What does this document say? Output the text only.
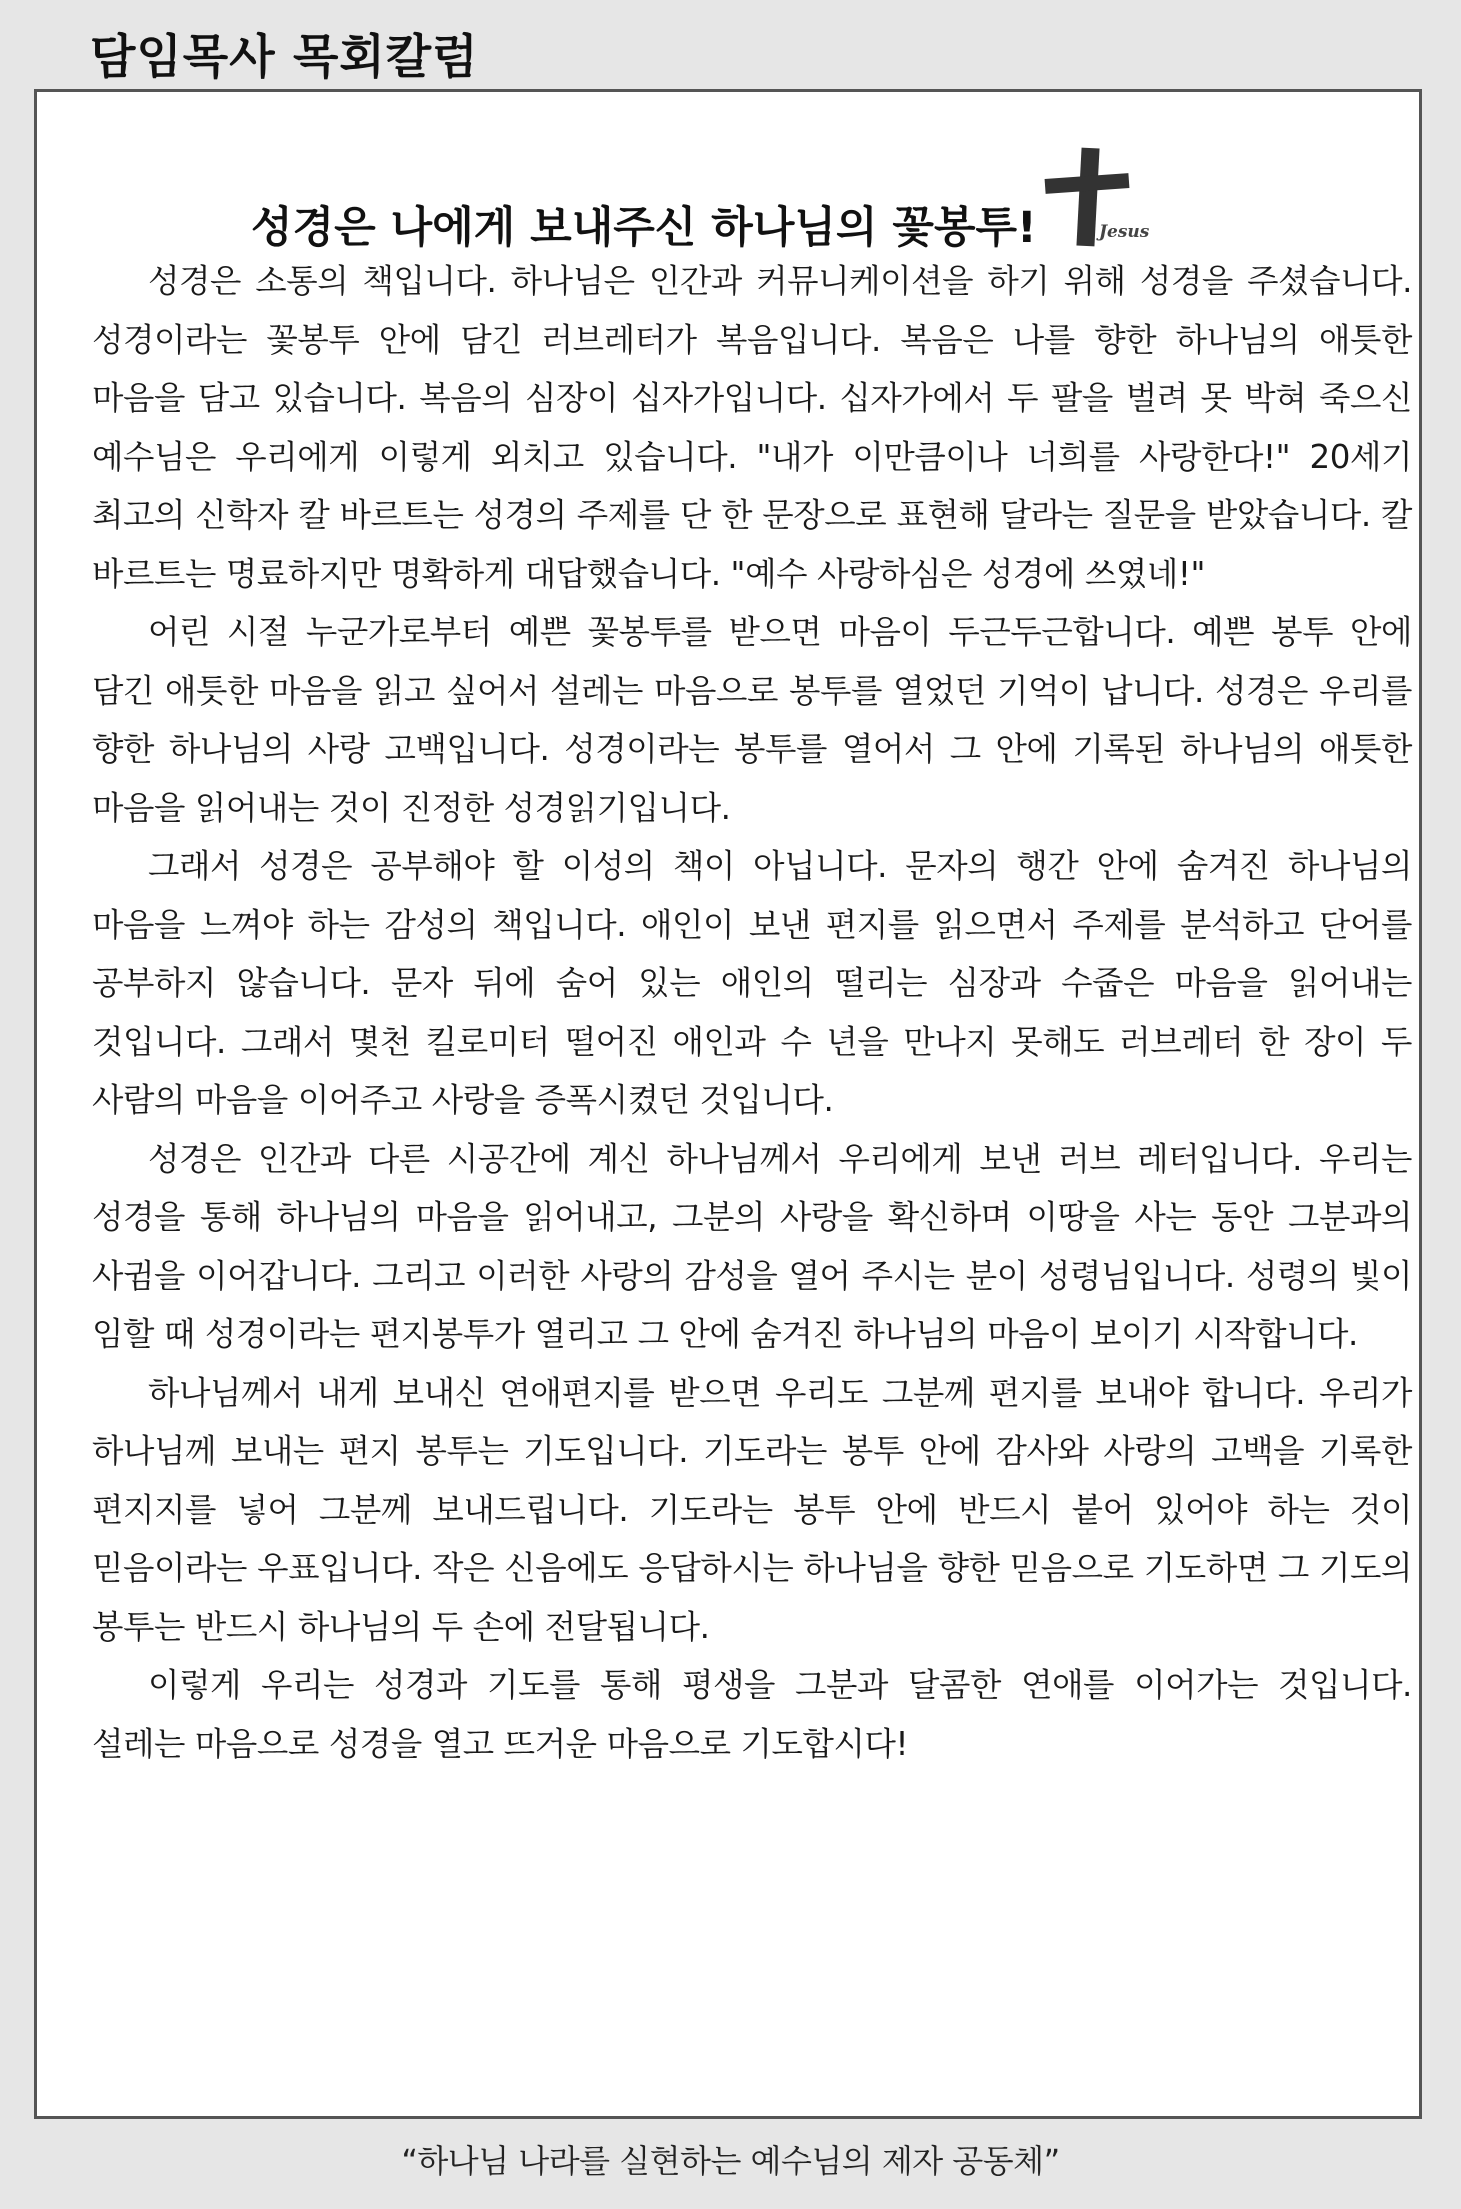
담임목사 목회칼럼
성경은 나에게 보내주신 하나님의 꽃봉투!	Jesus

성경은 소통의 책입니다. 하나님은 인간과 커뮤니케이션을 하기 위해 성경을 주셨습니다. 성경이라는 꽃봉투 안에 담긴 러브레터가 복음입니다. 복음은 나를 향한 하나님의 애틋한 마음을 담고 있습니다. 복음의 심장이 십자가입니다. 십자가에서 두 팔을 벌려 못 박혀 죽으신 예수님은 우리에게 이렇게 외치고 있습니다. "내가 이만큼이나 너희를 사랑한다!" 20세기 최고의 신학자 칼 바르트는 성경의 주제를 단 한 문장으로 표현해 달라는 질문을 받았습니다. 칼 바르트는 명료하지만 명확하게 대답했습니다. "예수 사랑하심은 성경에 쓰였네!"

어린 시절 누군가로부터 예쁜 꽃봉투를 받으면 마음이 두근두근합니다. 예쁜 봉투 안에 담긴 애틋한 마음을 읽고 싶어서 설레는 마음으로 봉투를 열었던 기억이 납니다. 성경은 우리를 향한 하나님의 사랑 고백입니다. 성경이라는 봉투를 열어서 그 안에 기록된 하나님의 애틋한 마음을 읽어내는 것이 진정한 성경읽기입니다.

그래서 성경은 공부해야 할 이성의 책이 아닙니다. 문자의 행간 안에 숨겨진 하나님의 마음을 느껴야 하는 감성의 책입니다. 애인이 보낸 편지를 읽으면서 주제를 분석하고 단어를 공부하지 않습니다. 문자 뒤에 숨어 있는 애인의 떨리는 심장과 수줍은 마음을 읽어내는 것입니다. 그래서 몇천 킬로미터 떨어진 애인과 수 년을 만나지 못해도 러브레터 한 장이 두 사람의 마음을 이어주고 사랑을 증폭시켰던 것입니다.

성경은 인간과 다른 시공간에 계신 하나님께서 우리에게 보낸 러브 레터입니다. 우리는 성경을 통해 하나님의 마음을 읽어내고, 그분의 사랑을 확신하며 이땅을 사는 동안 그분과의 사귐을 이어갑니다. 그리고 이러한 사랑의 감성을 열어 주시는 분이 성령님입니다. 성령의 빛이 임할 때 성경이라는 편지봉투가 열리고 그 안에 숨겨진 하나님의 마음이 보이기 시작합니다.

하나님께서 내게 보내신 연애편지를 받으면 우리도 그분께 편지를 보내야 합니다. 우리가 하나님께 보내는 편지 봉투는 기도입니다. 기도라는 봉투 안에 감사와 사랑의 고백을 기록한 편지지를 넣어 그분께 보내드립니다. 기도라는 봉투 안에 반드시 붙어 있어야 하는 것이 믿음이라는 우표입니다. 작은 신음에도 응답하시는 하나님을 향한 믿음으로 기도하면 그 기도의 봉투는 반드시 하나님의 두 손에 전달됩니다.

이렇게 우리는 성경과 기도를 통해 평생을 그분과 달콤한 연애를 이어가는 것입니다. 설레는 마음으로 성경을 열고 뜨거운 마음으로 기도합시다!

“하나님 나라를 실현하는 예수님의 제자 공동체”
